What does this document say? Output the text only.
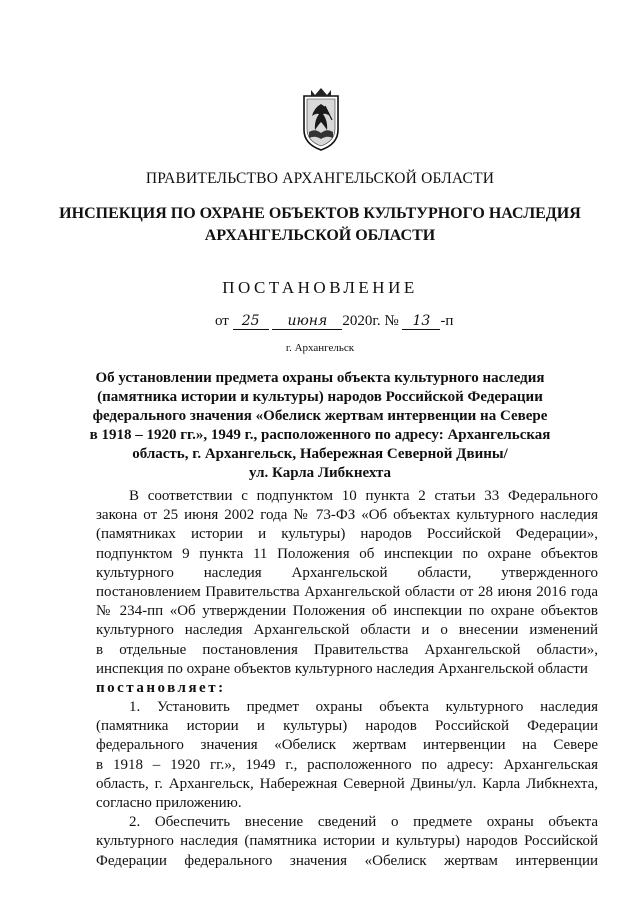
ПРАВИТЕЛЬСТВО АРХАНГЕЛЬСКОЙ ОБЛАСТИ
ИНСПЕКЦИЯ ПО ОХРАНЕ ОБЪЕКТОВ КУЛЬТУРНОГО НАСЛЕДИЯ
АРХАНГЕЛЬСКОЙ ОБЛАСТИ
ПОСТАНОВЛЕНИЕ
от 25 июня 2020г. № 13 -п
г. Архангельск
Об установлении предмета охраны объекта культурного наследия
(памятника истории и культуры) народов Российской Федерации
федерального значения «Обелиск жертвам интервенции на Севере
в 1918 – 1920 гг.», 1949 г., расположенного по адресу: Архангельская
область, г. Архангельск, Набережная Северной Двины/
ул. Карла Либкнехта
В соответствии с подпунктом 10 пункта 2 статьи 33 Федерального
закона от 25 июня 2002 года № 73-ФЗ «Об объектах культурного наследия
(памятниках истории и культуры) народов Российской Федерации»,
подпунктом 9 пункта 11 Положения об инспекции по охране объектов
культурного наследия Архангельской области, утвержденного
постановлением Правительства Архангельской области от 28 июня 2016 года
№ 234-пп «Об утверждении Положения об инспекции по охране объектов
культурного наследия Архангельской области и о внесении изменений
в отдельные постановления Правительства Архангельской области»,
инспекция по охране объектов культурного наследия Архангельской области
постановляет:
1. Установить предмет охраны объекта культурного наследия
(памятника истории и культуры) народов Российской Федерации
федерального значения «Обелиск жертвам интервенции на Севере
в 1918 – 1920 гг.», 1949 г., расположенного по адресу: Архангельская
область, г. Архангельск, Набережная Северной Двины/ул. Карла Либкнехта,
согласно приложению.
2. Обеспечить внесение сведений о предмете охраны объекта
культурного наследия (памятника истории и культуры) народов Российской
Федерации федерального значения «Обелиск жертвам интервенции
